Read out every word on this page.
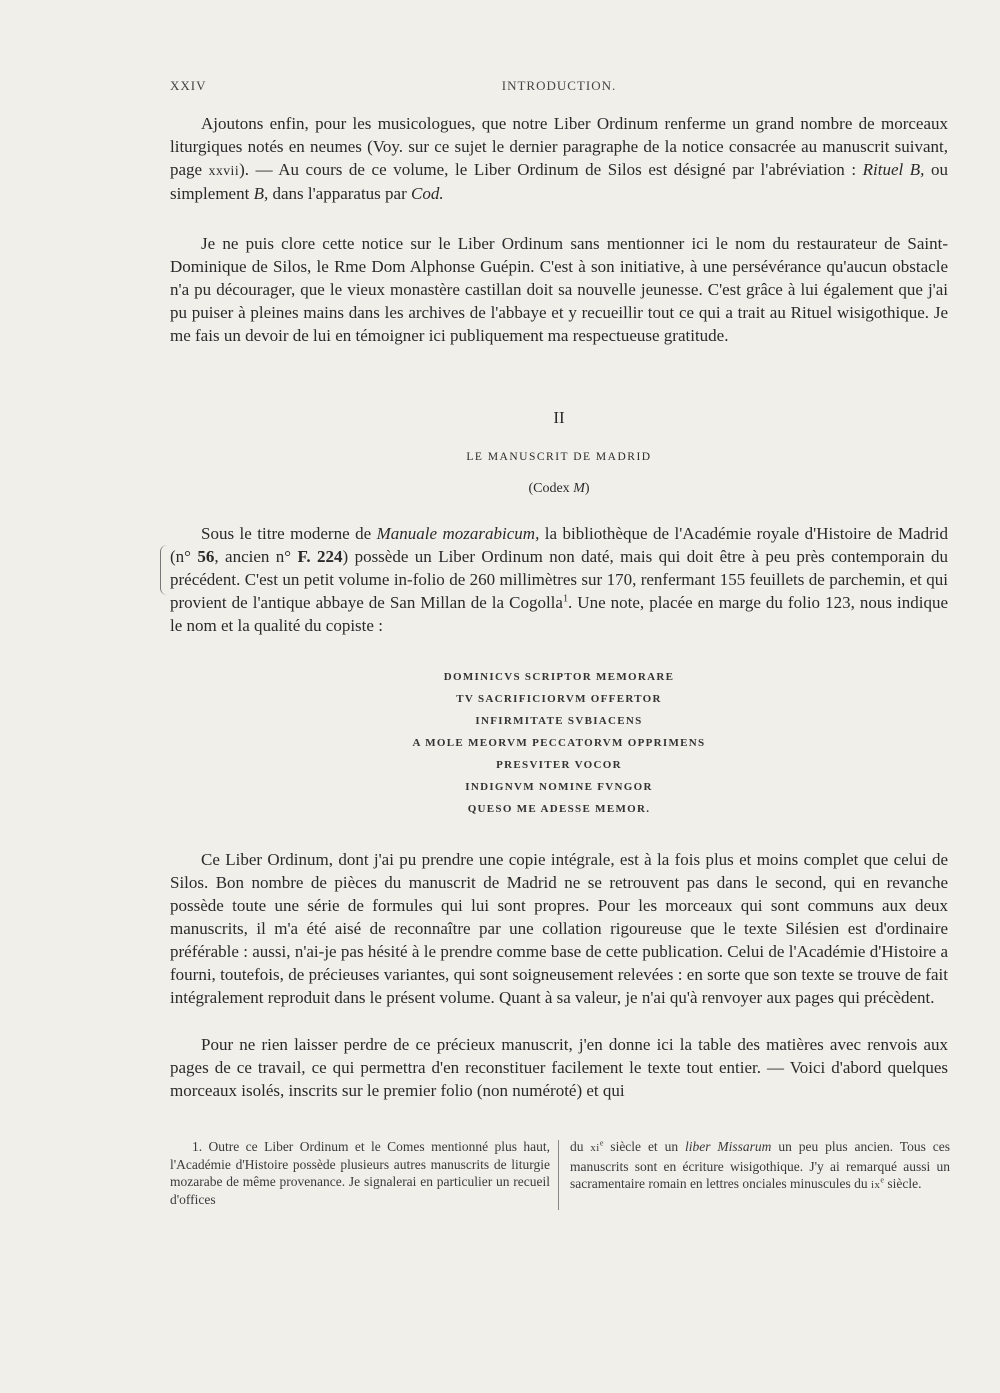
XXIV	INTRODUCTION.

Ajoutons enfin, pour les musicologues, que notre Liber Ordinum renferme un grand nombre de morceaux liturgiques notés en neumes (Voy. sur ce sujet le dernier paragraphe de la notice consacrée au manuscrit suivant, page xxvii). — Au cours de ce volume, le Liber Ordinum de Silos est désigné par l'abréviation : Rituel B, ou simplement B, dans l'apparatus par Cod.

Je ne puis clore cette notice sur le Liber Ordinum sans mentionner ici le nom du restaurateur de Saint-Dominique de Silos, le Rme Dom Alphonse Guépin. C'est à son initiative, à une persévérance qu'aucun obstacle n'a pu décourager, que le vieux monastère castillan doit sa nouvelle jeunesse. C'est grâce à lui également que j'ai pu puiser à pleines mains dans les archives de l'abbaye et y recueillir tout ce qui a trait au Rituel wisigothique. Je me fais un devoir de lui en témoigner ici publiquement ma respectueuse gratitude.

II
LE MANUSCRIT DE MADRID
(Codex M)

Sous le titre moderne de Manuale mozarabicum, la bibliothèque de l'Académie royale d'Histoire de Madrid (n° 56, ancien n° F. 224) possède un Liber Ordinum non daté, mais qui doit être à peu près contemporain du précédent. C'est un petit volume in-folio de 260 millimètres sur 170, renfermant 155 feuillets de parchemin, et qui provient de l'antique abbaye de San Millan de la Cogolla$^1$. Une note, placée en marge du folio 123, nous indique le nom et la qualité du copiste :

DOMINICVS SCRIPTOR MEMORARE
TV SACRIFICIORVM OFFERTOR
INFIRMITATE SVBIACENS
A MOLE MEORVM PECCATORVM OPPRIMENS
PRESVITER VOCOR
INDIGNVM NOMINE FVNGOR
QUESO ME ADESSE MEMOR.

Ce Liber Ordinum, dont j'ai pu prendre une copie intégrale, est à la fois plus et moins complet que celui de Silos. Bon nombre de pièces du manuscrit de Madrid ne se retrouvent pas dans le second, qui en revanche possède toute une série de formules qui lui sont propres. Pour les morceaux qui sont communs aux deux manuscrits, il m'a été aisé de reconnaître par une collation rigoureuse que le texte Silésien est d'ordinaire préférable : aussi, n'ai-je pas hésité à le prendre comme base de cette publication. Celui de l'Académie d'Histoire a fourni, toutefois, de précieuses variantes, qui sont soigneusement relevées : en sorte que son texte se trouve de fait intégralement reproduit dans le présent volume. Quant à sa valeur, je n'ai qu'à renvoyer aux pages qui précèdent.

Pour ne rien laisser perdre de ce précieux manuscrit, j'en donne ici la table des matières avec renvois aux pages de ce travail, ce qui permettra d'en reconstituer facilement le texte tout entier. — Voici d'abord quelques morceaux isolés, inscrits sur le premier folio (non numéroté) et qui

1. Outre ce Liber Ordinum et le Comes mentionné plus haut, l'Académie d'Histoire possède plusieurs autres manuscrits de liturgie mozarabe de même provenance. Je signalerai en particulier un recueil d'offices
du $xi^e$ siècle et un liber Missarum un peu plus ancien. Tous ces manuscrits sont en écriture wisigothique. J'y ai remarqué aussi un sacramentaire romain en lettres onciales minuscules du $ix^e$ siècle.
